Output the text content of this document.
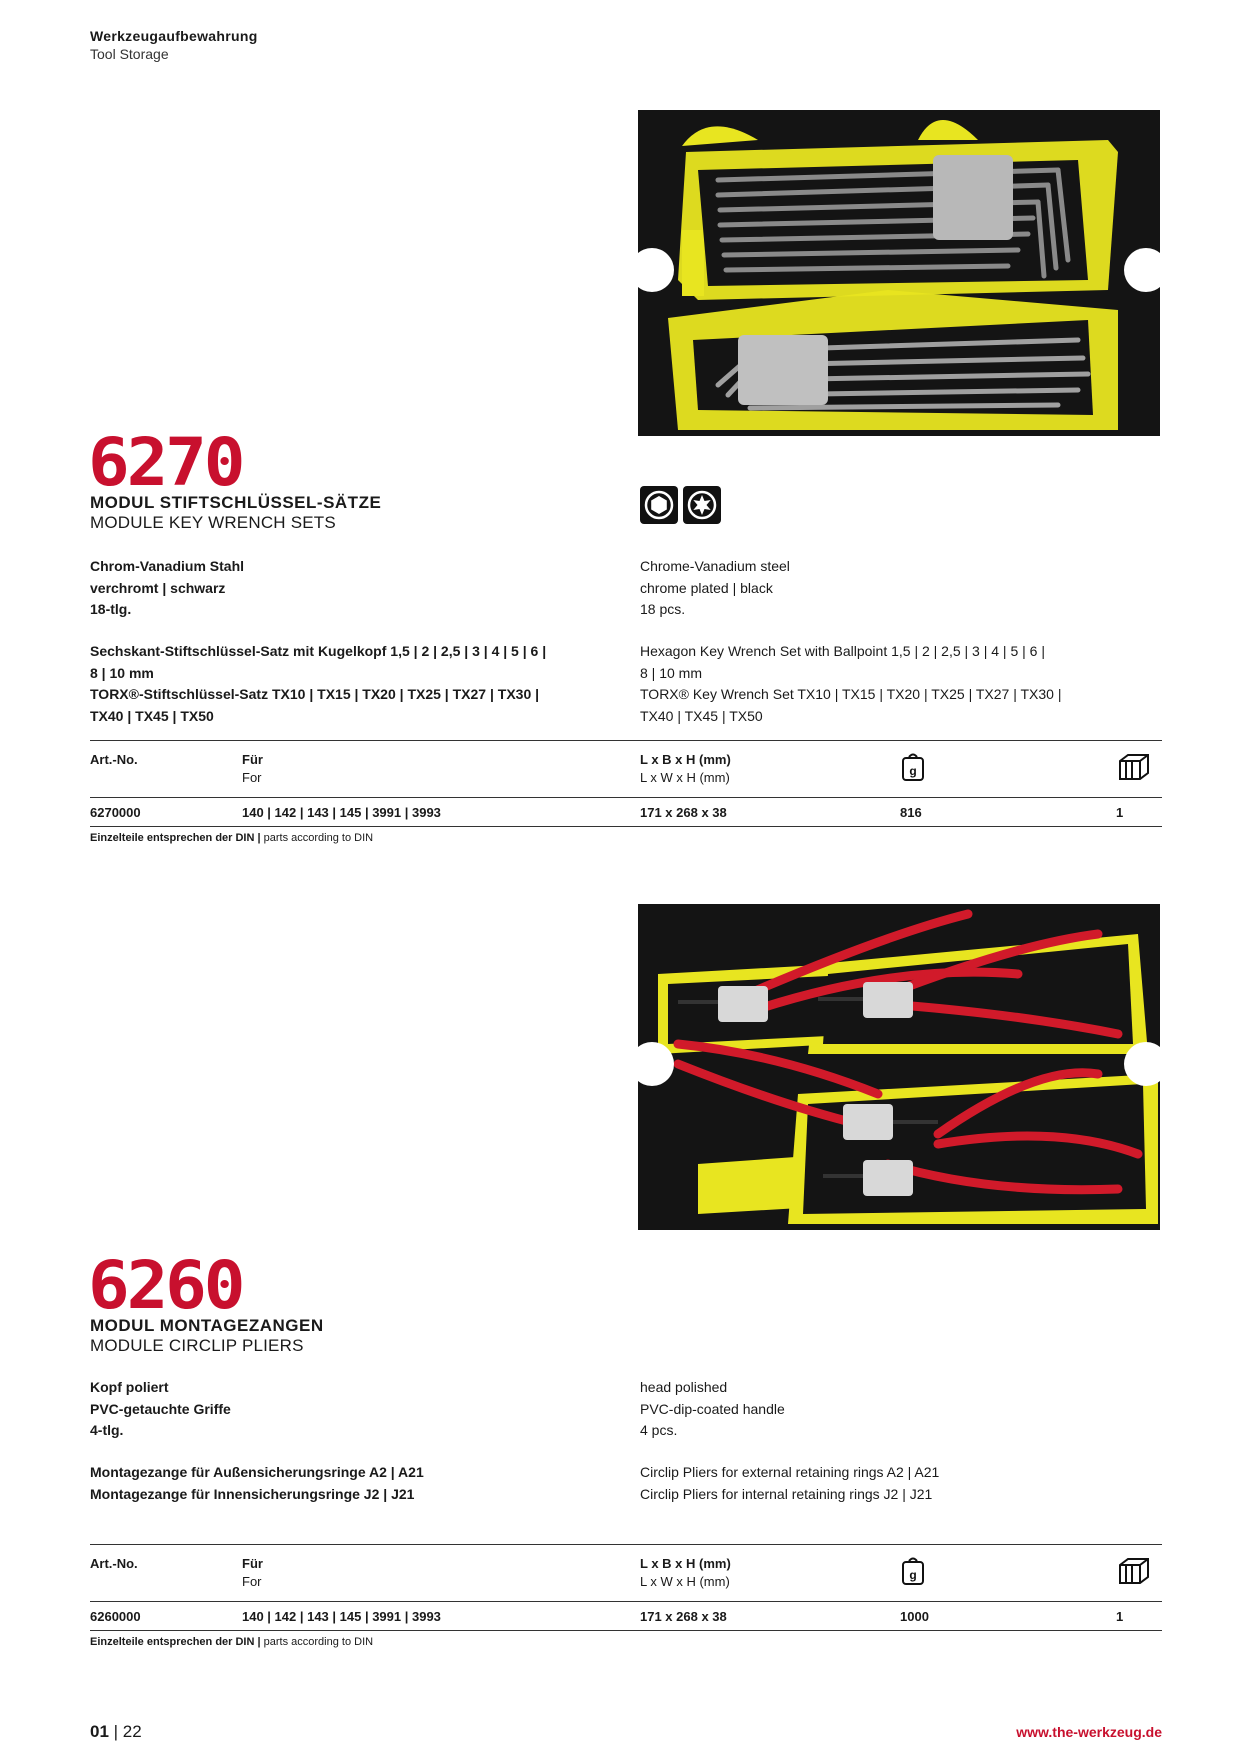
Werkzeugaufbewahrung
Tool Storage
6270
MODUL STIFTSCHLÜSSEL-SÄTZE
MODULE KEY WRENCH SETS
Chrom-Vanadium Stahl
verchromt | schwarz
18-tlg.
Chrome-Vanadium steel
chrome plated | black
18 pcs.
Sechskant-Stiftschlüssel-Satz mit Kugelkopf 1,5 | 2 | 2,5 | 3 | 4 | 5 | 6 |
8 | 10 mm
TORX®-Stiftschlüssel-Satz TX10 | TX15 | TX20 | TX25 | TX27 | TX30 |
TX40 | TX45 | TX50
Hexagon Key Wrench Set with Ballpoint 1,5 | 2 | 2,5 | 3 | 4 | 5 | 6 |
8 | 10 mm
TORX® Key Wrench Set TX10 | TX15 | TX20 | TX25 | TX27 | TX30 |
TX40 | TX45 | TX50
Art.-No.	Für
For
L x B x H (mm)
L x W x H (mm)	g
6270000	140 | 142 | 143 | 145 | 3991 | 3993	171 x 268 x 38	816	1
Einzelteile entsprechen der DIN | parts according to DIN
6260
MODUL MONTAGEZANGEN
MODULE CIRCLIP PLIERS
Kopf poliert
PVC-getauchte Griffe
4-tlg.
head polished
PVC-dip-coated handle
4 pcs.
Montagezange für Außensicherungsringe A2 | A21
Montagezange für Innensicherungsringe J2 | J21
Circlip Pliers for external retaining rings A2 | A21
Circlip Pliers for internal retaining rings J2 | J21
Art.-No.	Für
For
L x B x H (mm)
L x W x H (mm)	g
6260000	140 | 142 | 143 | 145 | 3991 | 3993	171 x 268 x 38	1000	1
Einzelteile entsprechen der DIN | parts according to DIN
01 | 22	www.the-werkzeug.de
